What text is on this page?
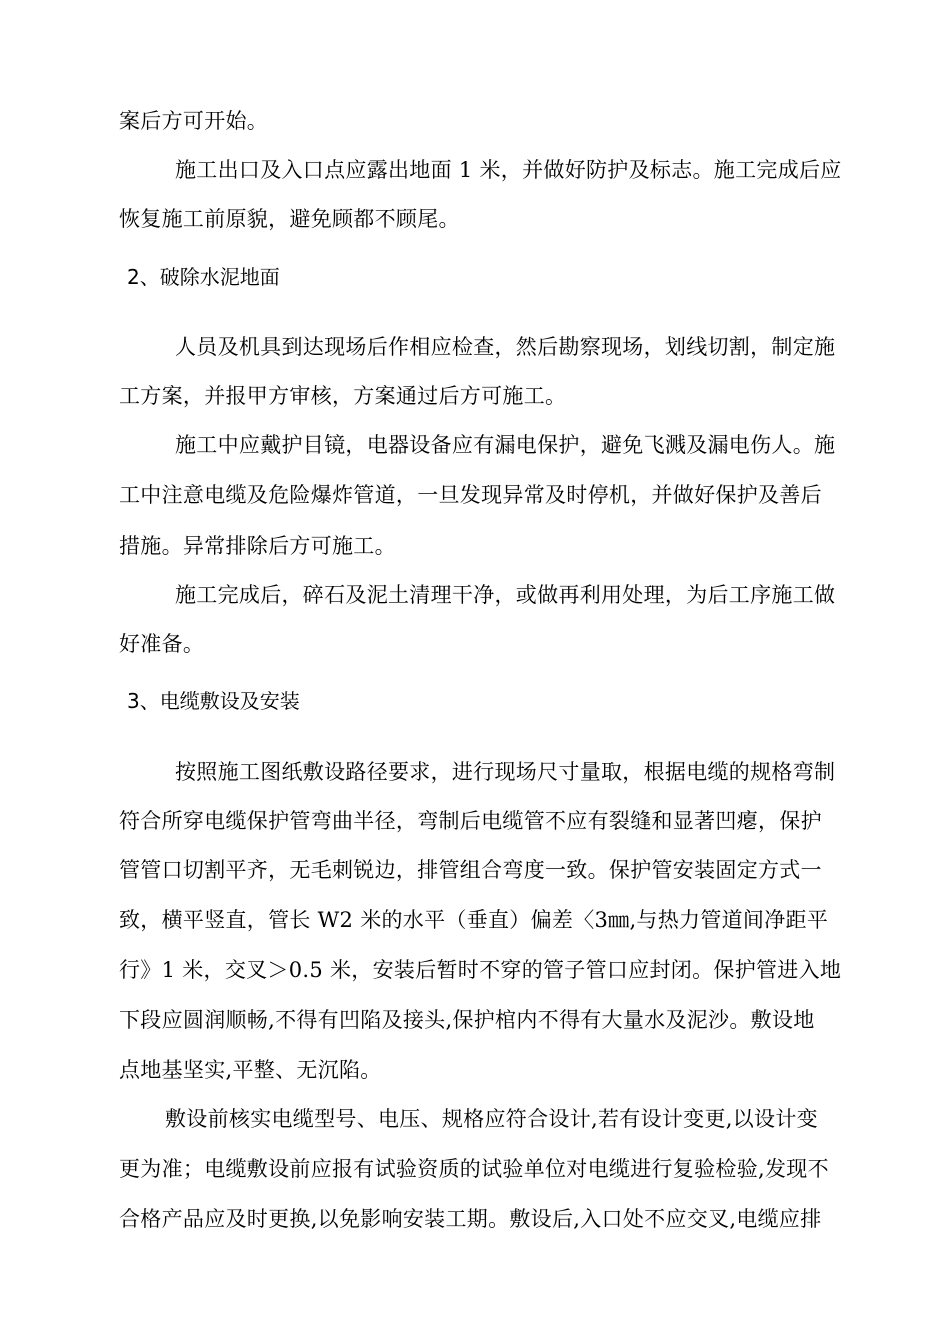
案后方可开始。
施工出口及入口点应露出地面 1 米，并做好防护及标志。施工完成后应
恢复施工前原貌，避免顾都不顾尾。
2、破除水泥地面
人员及机具到达现场后作相应检查，然后勘察现场，划线切割，制定施
工方案，并报甲方审核，方案通过后方可施工。
施工中应戴护目镜，电器设备应有漏电保护，避免飞溅及漏电伤人。施
工中注意电缆及危险爆炸管道，一旦发现异常及时停机，并做好保护及善后
措施。异常排除后方可施工。
施工完成后，碎石及泥土清理干净，或做再利用处理，为后工序施工做
好准备。
3、电缆敷设及安装
按照施工图纸敷设路径要求，进行现场尺寸量取，根据电缆的规格弯制
符合所穿电缆保护管弯曲半径，弯制后电缆管不应有裂缝和显著凹瘪，保护
管管口切割平齐，无毛刺锐边，排管组合弯度一致。保护管安装固定方式一
致，横平竖直，管长 W2 米的水平（垂直）偏差〈3㎜,与热力管道间净距平
行》1 米，交叉＞0.5 米，安装后暂时不穿的管子管口应封闭。保护管进入地
下段应圆润顺畅,不得有凹陷及接头,保护棺内不得有大量水及泥沙。敷设地
点地基坚实,平整、无沉陷。
敷设前核实电缆型号、电压、规格应符合设计,若有设计变更,以设计变
更为准；电缆敷设前应报有试验资质的试验单位对电缆进行复验检验,发现不
合格产品应及时更换,以免影响安装工期。敷设后,入口处不应交叉,电缆应排
